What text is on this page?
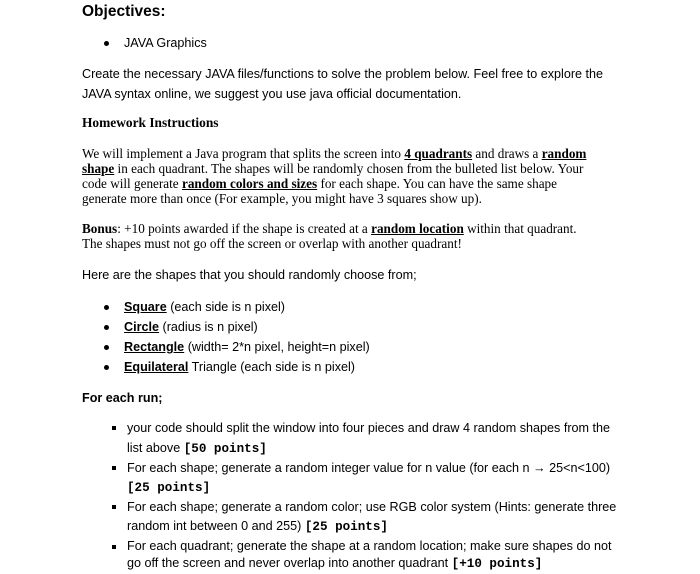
Objectives:
JAVA Graphics
Create the necessary JAVA files/functions to solve the problem below. Feel free to explore the
JAVA syntax online, we suggest you use java official documentation.
Homework Instructions
We will implement a Java program that splits the screen into 4 quadrants and draws a random
shape in each quadrant. The shapes will be randomly chosen from the bulleted list below. Your
code will generate random colors and sizes for each shape. You can have the same shape
generate more than once (For example, you might have 3 squares show up).
Bonus: +10 points awarded if the shape is created at a random location within that quadrant.
The shapes must not go off the screen or overlap with another quadrant!
Here are the shapes that you should randomly choose from;
Square (each side is n pixel)
Circle (radius is n pixel)
Rectangle (width= 2*n pixel, height=n pixel)
Equilateral Triangle (each side is n pixel)
For each run;
your code should split the window into four pieces and draw 4 random shapes from the
list above [50 points]
For each shape; generate a random integer value for n value (for each n → 25<n<100)
[25 points]
For each shape; generate a random color; use RGB color system (Hints: generate three
random int between 0 and 255) [25 points]
For each quadrant; generate the shape at a random location; make sure shapes do not
go off the screen and never overlap into another quadrant [+10 points]
